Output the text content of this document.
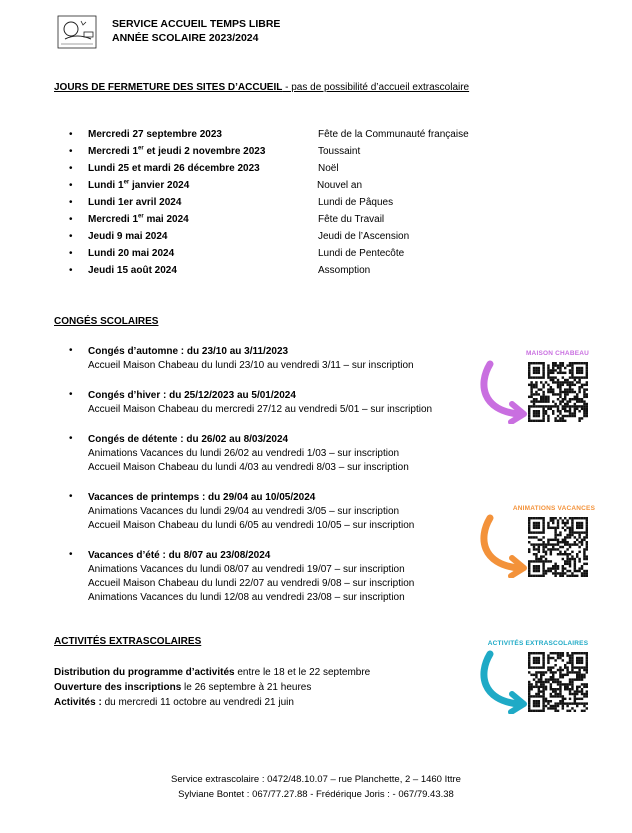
SERVICE ACCUEIL TEMPS LIBRE
ANNÉE SCOLAIRE 2023/2024
JOURS DE FERMETURE DES SITES D’ACCUEIL - pas de possibilité d’accueil extrascolaire
• Mercredi 27 septembre 2023	Fête de la Communauté française
• Mercredi 1er et jeudi 2 novembre 2023	Toussaint
• Lundi 25 et mardi 26 décembre 2023	Noël
• Lundi 1er janvier 2024	Nouvel an
• Lundi 1er avril 2024	Lundi de Pâques
• Mercredi 1er mai 2024	Fête du Travail
• Jeudi 9 mai 2024	Jeudi de l’Ascension
• Lundi 20 mai 2024	Lundi de Pentecôte
• Jeudi 15 août 2024	Assomption
CONGÉS SCOLAIRES
• Congés d’automne : du 23/10 au 3/11/2023
Accueil Maison Chabeau du lundi 23/10 au vendredi 3/11 – sur inscription
• Congés d’hiver : du 25/12/2023 au 5/01/2024
Accueil Maison Chabeau du mercredi 27/12 au vendredi 5/01 – sur inscription
• Congés de détente : du 26/02 au 8/03/2024
Animations Vacances du lundi 26/02 au vendredi 1/03 – sur inscription
Accueil Maison Chabeau du lundi 4/03 au vendredi 8/03 – sur inscription
• Vacances de printemps : du 29/04 au 10/05/2024
Animations Vacances du lundi 29/04 au vendredi 3/05 – sur inscription
Accueil Maison Chabeau du lundi 6/05 au vendredi 10/05 – sur inscription
• Vacances d’été : du 8/07 au 23/08/2024
Animations Vacances du lundi 08/07 au vendredi 19/07 – sur inscription
Accueil Maison Chabeau du lundi 22/07 au vendredi 9/08 – sur inscription
Animations Vacances du lundi 12/08 au vendredi 23/08 – sur inscription
ACTIVITÉS EXTRASCOLAIRES
Distribution du programme d’activités entre le 18 et le 22 septembre
Ouverture des inscriptions le 26 septembre à 21 heures
Activités : du mercredi 11 octobre au vendredi 21 juin
MAISON CHABEAU
ANIMATIONS VACANCES
ACTIVITÉS EXTRASCOLAIRES
Service extrascolaire : 0472/48.10.07 – rue Planchette, 2 – 1460 Ittre
Sylviane Bontet : 067/77.27.88 - Frédérique Joris : - 067/79.43.38
